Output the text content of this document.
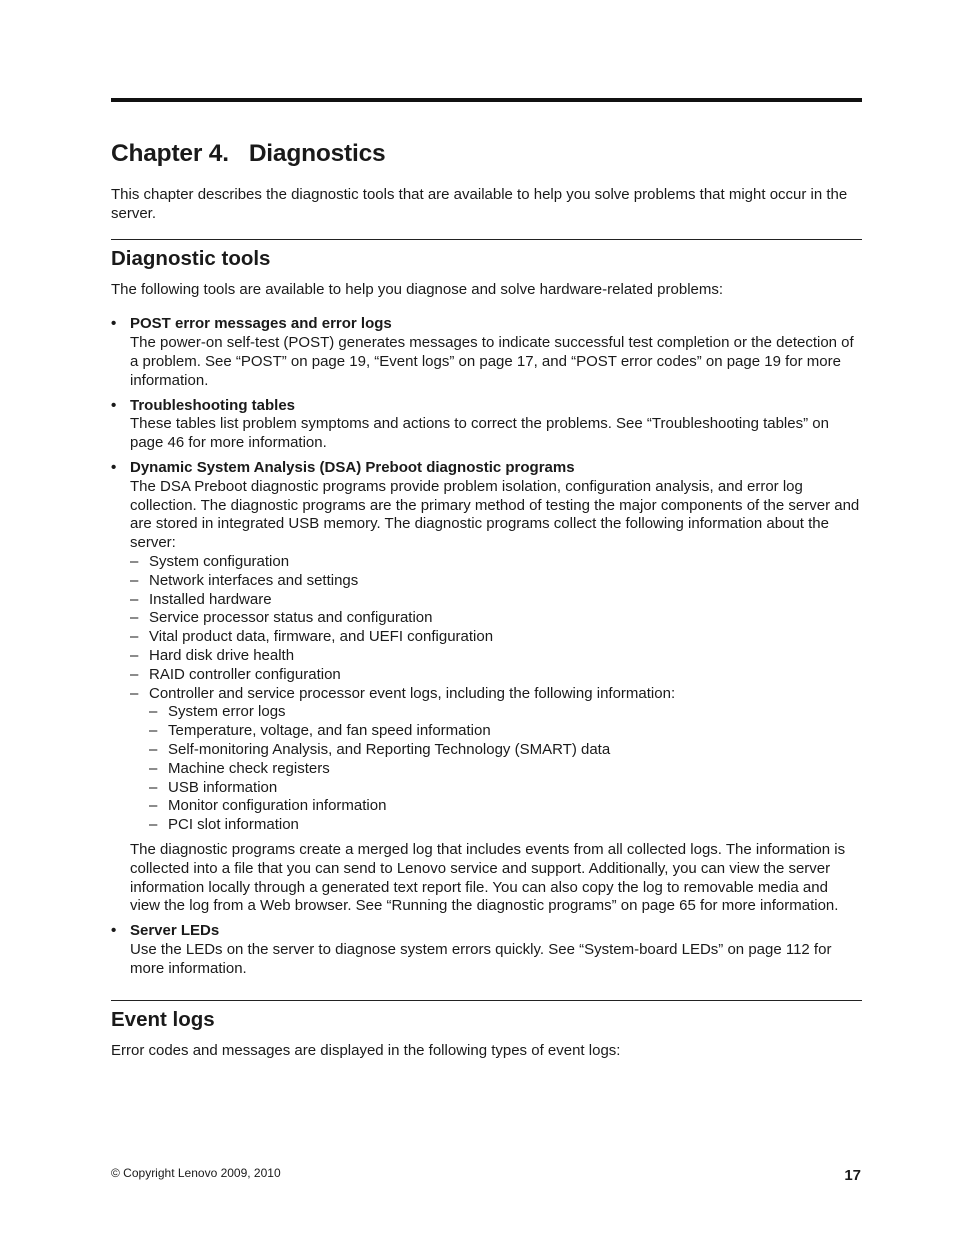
Chapter 4. Diagnostics

This chapter describes the diagnostic tools that are available to help you solve problems that might occur in the server.

Diagnostic tools

The following tools are available to help you diagnose and solve hardware-related problems:

• POST error messages and error logs
The power-on self-test (POST) generates messages to indicate successful test completion or the detection of a problem. See “POST” on page 19, “Event logs” on page 17, and “POST error codes” on page 19 for more information.
• Troubleshooting tables
These tables list problem symptoms and actions to correct the problems. See “Troubleshooting tables” on page 46 for more information.
• Dynamic System Analysis (DSA) Preboot diagnostic programs
The DSA Preboot diagnostic programs provide problem isolation, configuration analysis, and error log collection. The diagnostic programs are the primary method of testing the major components of the server and are stored in integrated USB memory. The diagnostic programs collect the following information about the server:
– System configuration
– Network interfaces and settings
– Installed hardware
– Service processor status and configuration
– Vital product data, firmware, and UEFI configuration
– Hard disk drive health
– RAID controller configuration
– Controller and service processor event logs, including the following information:
– System error logs
– Temperature, voltage, and fan speed information
– Self-monitoring Analysis, and Reporting Technology (SMART) data
– Machine check registers
– USB information
– Monitor configuration information
– PCI slot information

The diagnostic programs create a merged log that includes events from all collected logs. The information is collected into a file that you can send to Lenovo service and support. Additionally, you can view the server information locally through a generated text report file. You can also copy the log to removable media and view the log from a Web browser. See “Running the diagnostic programs” on page 65 for more information.

• Server LEDs
Use the LEDs on the server to diagnose system errors quickly. See “System-board LEDs” on page 112 for more information.
Event logs

Error codes and messages are displayed in the following types of event logs:

© Copyright Lenovo 2009, 2010	17
